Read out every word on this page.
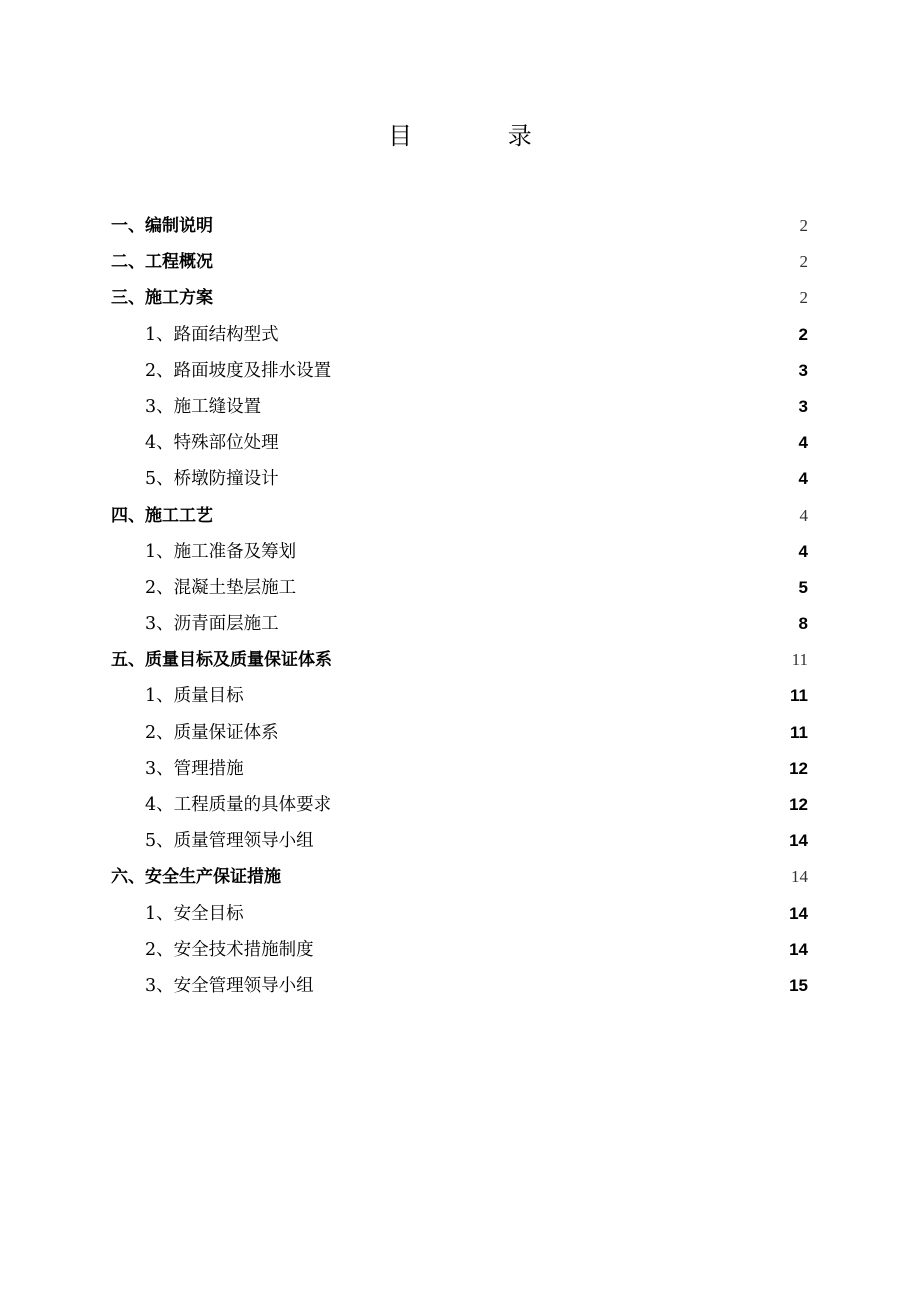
目 录
一、编制说明	2
二、工程概况	2
三、施工方案	2
1、路面结构型式	2
2、路面坡度及排水设置	3
3、施工缝设置	3
4、特殊部位处理	4
5、桥墩防撞设计	4
四、施工工艺	4
1、施工准备及筹划	4
2、混凝土垫层施工	5
3、沥青面层施工	8
五、质量目标及质量保证体系	11
1、质量目标	11
2、质量保证体系	11
3、管理措施	12
4、工程质量的具体要求	12
5、质量管理领导小组	14
六、安全生产保证措施	14
1、安全目标	14
2、安全技术措施制度	14
3、安全管理领导小组	15
